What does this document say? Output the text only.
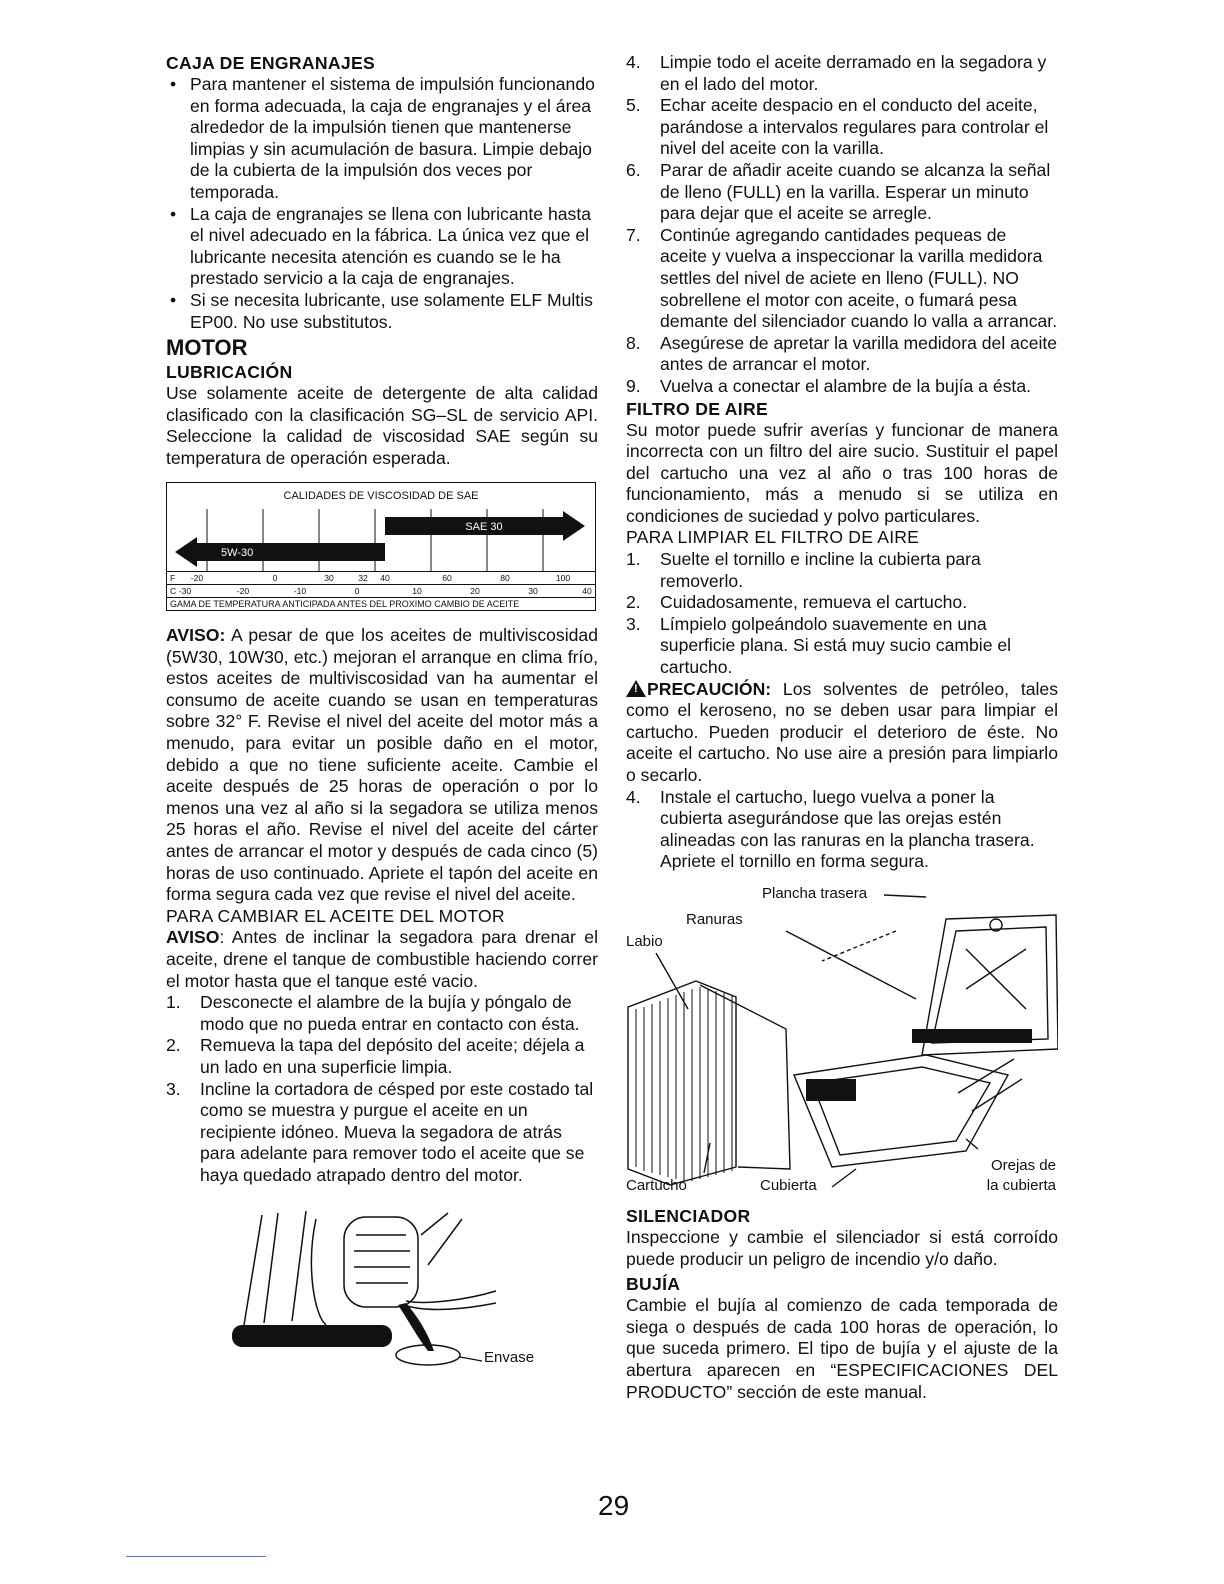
CAJA DE ENGRANAJES
• Para mantener el sistema de impulsión funcionando en forma adecuada, la caja de engranajes y el área alrededor de la impulsión tienen que mantenerse limpias y sin acumulación de basura. Limpie debajo de la cubierta de la impulsión dos veces por temporada.
• La caja de engranajes se llena con lubricante hasta el nivel adecuado en la fábrica. La única vez que el lubricante necesita atención es cuando se le ha prestado servicio a la caja de engranajes.
• Si se necesita lubricante, use solamente ELF Multis EP00. No use substitutos.
MOTOR
LUBRICACIÓN

Use solamente aceite de detergente de alta calidad clasificado con la clasificación SG–SL de servicio API. Seleccione la calidad de viscosidad SAE según su temperatura de operación esperada.

CALIDADES DE VISCOSIDAD DE SAE
5W-30
SAE 30
F -20	0	30	32 40	60	80	100
C -30	-20	-10	0	10	20	30	40
GAMA DE TEMPERATURA ANTICIPADA ANTES DEL PROXIMO CAMBIO DE ACEITE

AVISO: A pesar de que los aceites de multiviscosidad (5W30, 10W30, etc.) mejoran el arranque en clima frío, estos aceites de multiviscosidad van ha aumentar el consumo de aceite cuando se usan en temperaturas sobre 32° F. Revise el nivel del aceite del motor más a menudo, para evitar un posible daño en el motor, debido a que no tiene suficiente aceite. Cambie el aceite después de 25 horas de operación o por lo menos una vez al año si la segadora se utiliza menos 25 horas el año. Revise el nivel del aceite del cárter antes de arrancar el motor y después de cada cinco (5) horas de uso continuado. Apriete el tapón del aceite en forma segura cada vez que revise el nivel del aceite.

PARA CAMBIAR EL ACEITE DEL MOTOR

AVISO: Antes de inclinar la segadora para drenar el aceite, drene el tanque de combustible haciendo correr el motor hasta que el tanque esté vacio.

1. Desconecte el alambre de la bujía y póngalo de modo que no pueda entrar en contacto con ésta.
2. Remueva la tapa del depósito del aceite; déjela a un lado en una superficie limpia.
3. Incline la cortadora de césped por este costado tal como se muestra y purgue el aceite en un recipiente idóneo. Mueva la segadora de atrás para adelante para remover todo el aceite que se haya quedado atrapado dentro del motor.
Envase
4. Limpie todo el aceite derramado en la segadora y en el lado del motor.
5. Echar aceite despacio en el conducto del aceite, parándose a intervalos regulares para controlar el nivel del aceite con la varilla.
6. Parar de añadir aceite cuando se alcanza la señal de lleno (FULL) en la varilla. Esperar un minuto para dejar que el aceite se arregle.
7. Continúe agregando cantidades pequeas de aceite y vuelva a inspeccionar la varilla medidora settles del nivel de aciete en lleno (FULL). NO sobrellene el motor con aceite, o fumará pesa demante del silenciador cuando lo valla a arrancar.
8. Asegúrese de apretar la varilla medidora del aceite antes de arrancar el motor.
9. Vuelva a conectar el alambre de la bujía a ésta.
FILTRO DE AIRE

Su motor puede sufrir averías y funcionar de manera incorrecta con un filtro del aire sucio. Sustituir el papel del cartucho una vez al año o tras 100 horas de funcionamiento, más a menudo si se utiliza en condiciones de suciedad y polvo particulares.

PARA LIMPIAR EL FILTRO DE AIRE
1. Suelte el tornillo e incline la cubierta para removerlo.
2. Cuidadosamente, remueva el cartucho.
3. Límpielo golpeándolo suavemente en una superficie plana. Si está muy sucio cambie el cartucho.

! PRECAUCIÓN: Los solventes de petróleo, tales como el keroseno, no se deben usar para limpiar el cartucho. Pueden producir el deterioro de éste. No aceite el cartucho. No use aire a presión para limpiarlo o secarlo.

4. Instale el cartucho, luego vuelva a poner la cubierta asegurándose que las orejas estén alineadas con las ranuras en la plancha trasera. Apriete el tornillo en forma segura.
Plancha trasera
Ranuras
Labio
Cartucho	Cubierta
Orejas de
la cubierta
SILENCIADOR

Inspeccione y cambie el silenciador si está corroído puede producir un peligro de incendio y/o daño.

BUJÍA

Cambie el bujía al comienzo de cada temporada de siega o después de cada 100 horas de operación, lo que suceda primero. El tipo de bujía y el ajuste de la abertura aparecen en “ESPECIFICACIONES DEL PRODUCTO” sección de este manual.

29
